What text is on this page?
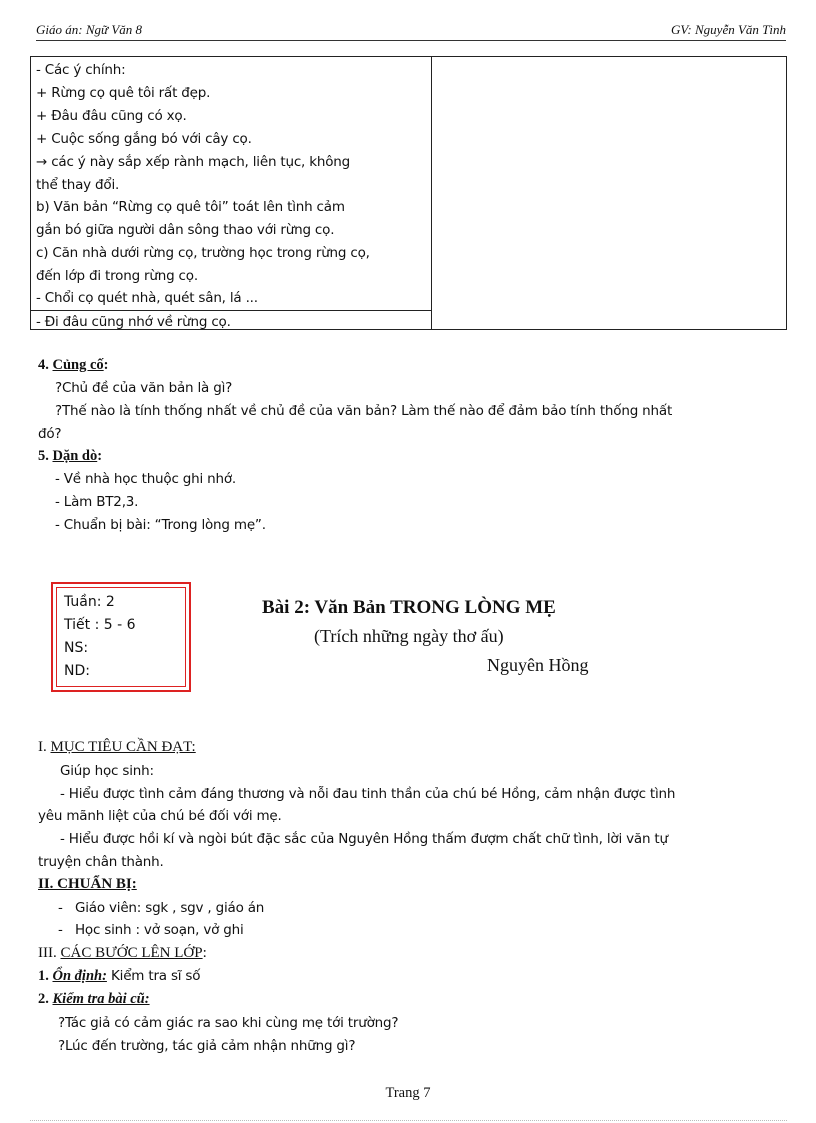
Giáo án: Ngữ Văn 8	GV: Nguyễn Văn Tình
- Các ý chính:
+ Rừng cọ quê tôi rất đẹp.
+ Đâu đâu cũng có xọ.
+ Cuộc sống gắng bó với cây cọ.
→ các ý này sắp xếp rành mạch, liên tục, không
thể thay đổi.
b) Văn bản “Rừng cọ quê tôi” toát lên tình cảm
gắn bó giữa người dân sông thao với rừng cọ.
c) Căn nhà dưới rừng cọ, trường học trong rừng cọ,
đến lớp đi trong rừng cọ.
- Chổi cọ quét nhà, quét sân, lá ...
- Đi đâu cũng nhớ về rừng cọ.
4. Củng cố:
?Chủ đề của văn bản là gì?
?Thế nào là tính thống nhất về chủ đề của văn bản? Làm thế nào để đảm bảo tính thống nhất
đó?
5. Dặn dò:
- Về nhà học thuộc ghi nhớ.
- Làm BT2,3.
- Chuẩn bị bài: “Trong lòng mẹ”.
Tuần: 2
Tiết : 5 - 6
NS:
ND:
Bài 2: Văn Bản TRONG LÒNG MẸ
(Trích những ngày thơ ấu)
Nguyên Hồng
I. MỤC TIÊU CẦN ĐẠT:
Giúp học sinh:
- Hiểu được tình cảm đáng thương và nỗi đau tinh thần của chú bé Hồng, cảm nhận được tình
yêu mãnh liệt của chú bé đối với mẹ.
- Hiểu được hồi kí và ngòi bút đặc sắc của Nguyên Hồng thấm đượm chất chữ tình, lời văn tự
truyện chân thành.
II. CHUẨN BỊ:
-   Giáo viên: sgk , sgv , giáo án
-   Học sinh : vở soạn, vở ghi
III. CÁC BƯỚC LÊN LỚP:
1. Ổn định: Kiểm tra sĩ số
2. Kiểm tra bài cũ:
?Tác giả có cảm giác ra sao khi cùng mẹ tới trường?
?Lúc đến trường, tác giả cảm nhận những gì?
Trang 7
